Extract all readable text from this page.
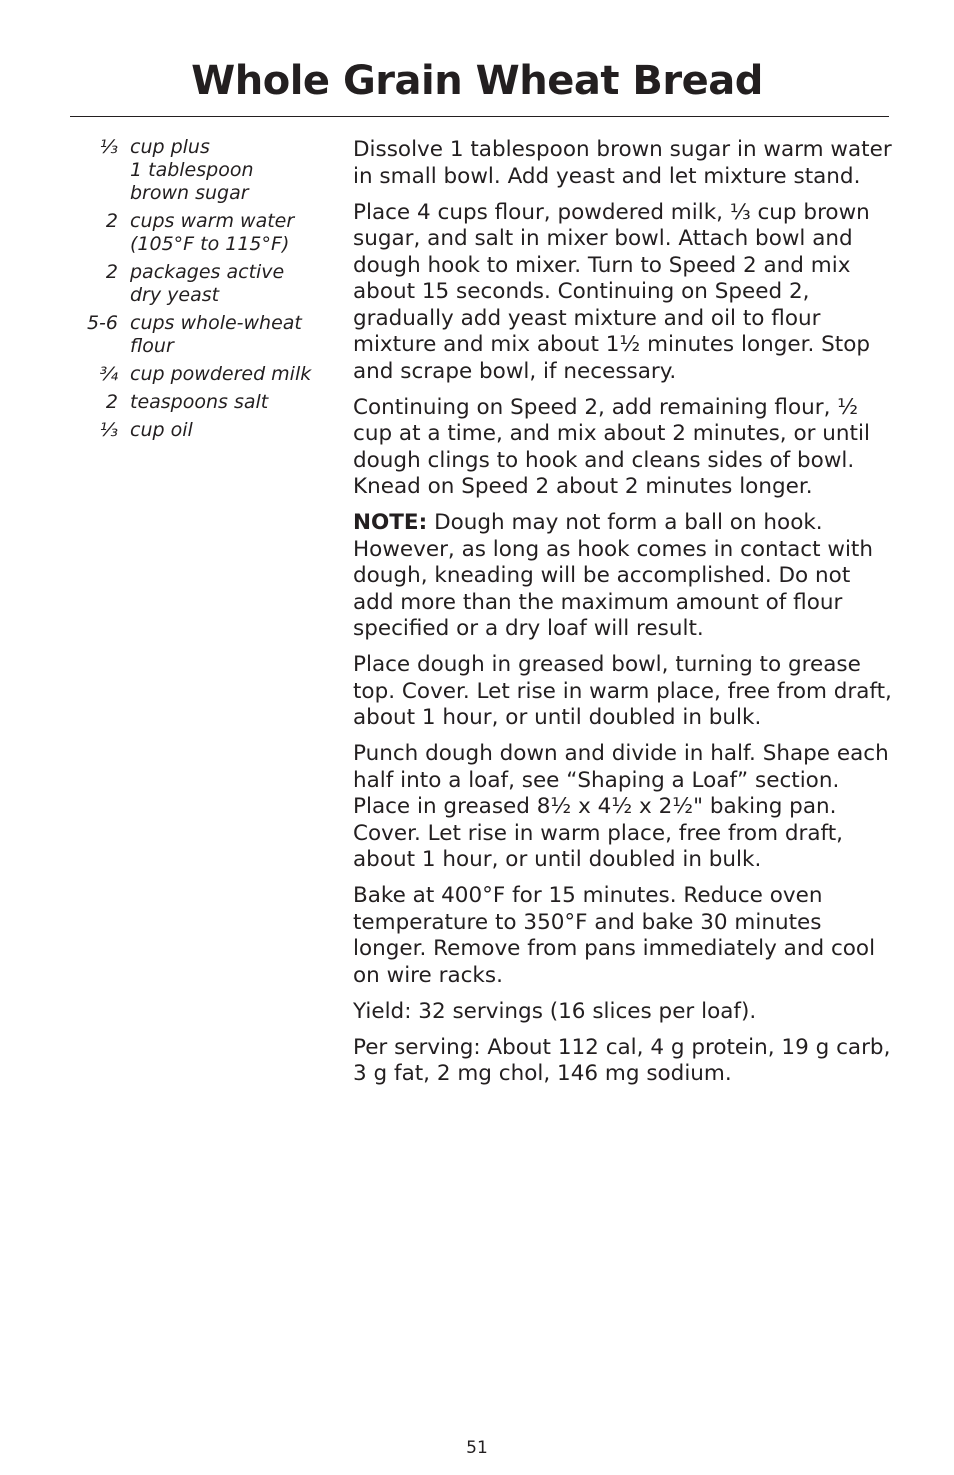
Whole Grain Wheat Bread
⅓ cup plus
1 tablespoon
brown sugar
2 cups warm water
(105°F to 115°F)
2 packages active
dry yeast
5-6 cups whole-wheat
flour
¾ cup powdered milk
2 teaspoons salt
⅓ cup oil

Dissolve 1 tablespoon brown sugar in warm water in small bowl. Add yeast and let mixture stand.

Place 4 cups flour, powdered milk, ⅓ cup brown sugar, and salt in mixer bowl. Attach bowl and dough hook to mixer. Turn to Speed 2 and mix about 15 seconds. Continuing on Speed 2, gradually add yeast mixture and oil to flour mixture and mix about 1½ minutes longer. Stop and scrape bowl, if necessary.

Continuing on Speed 2, add remaining flour, ½ cup at a time, and mix about 2 minutes, or until dough clings to hook and cleans sides of bowl. Knead on Speed 2 about 2 minutes longer.

NOTE: Dough may not form a ball on hook. However, as long as hook comes in contact with dough, kneading will be accomplished. Do not add more than the maximum amount of flour specified or a dry loaf will result.

Place dough in greased bowl, turning to grease top. Cover. Let rise in warm place, free from draft, about 1 hour, or until doubled in bulk.

Punch dough down and divide in half. Shape each half into a loaf, see “Shaping a Loaf” section. Place in greased 8½ x 4½ x 2½" baking pan. Cover. Let rise in warm place, free from draft, about 1 hour, or until doubled in bulk.

Bake at 400°F for 15 minutes. Reduce oven temperature to 350°F and bake 30 minutes longer. Remove from pans immediately and cool on wire racks.

Yield: 32 servings (16 slices per loaf).

Per serving: About 112 cal, 4 g protein, 19 g carb, 3 g fat, 2 mg chol, 146 mg sodium.

51
